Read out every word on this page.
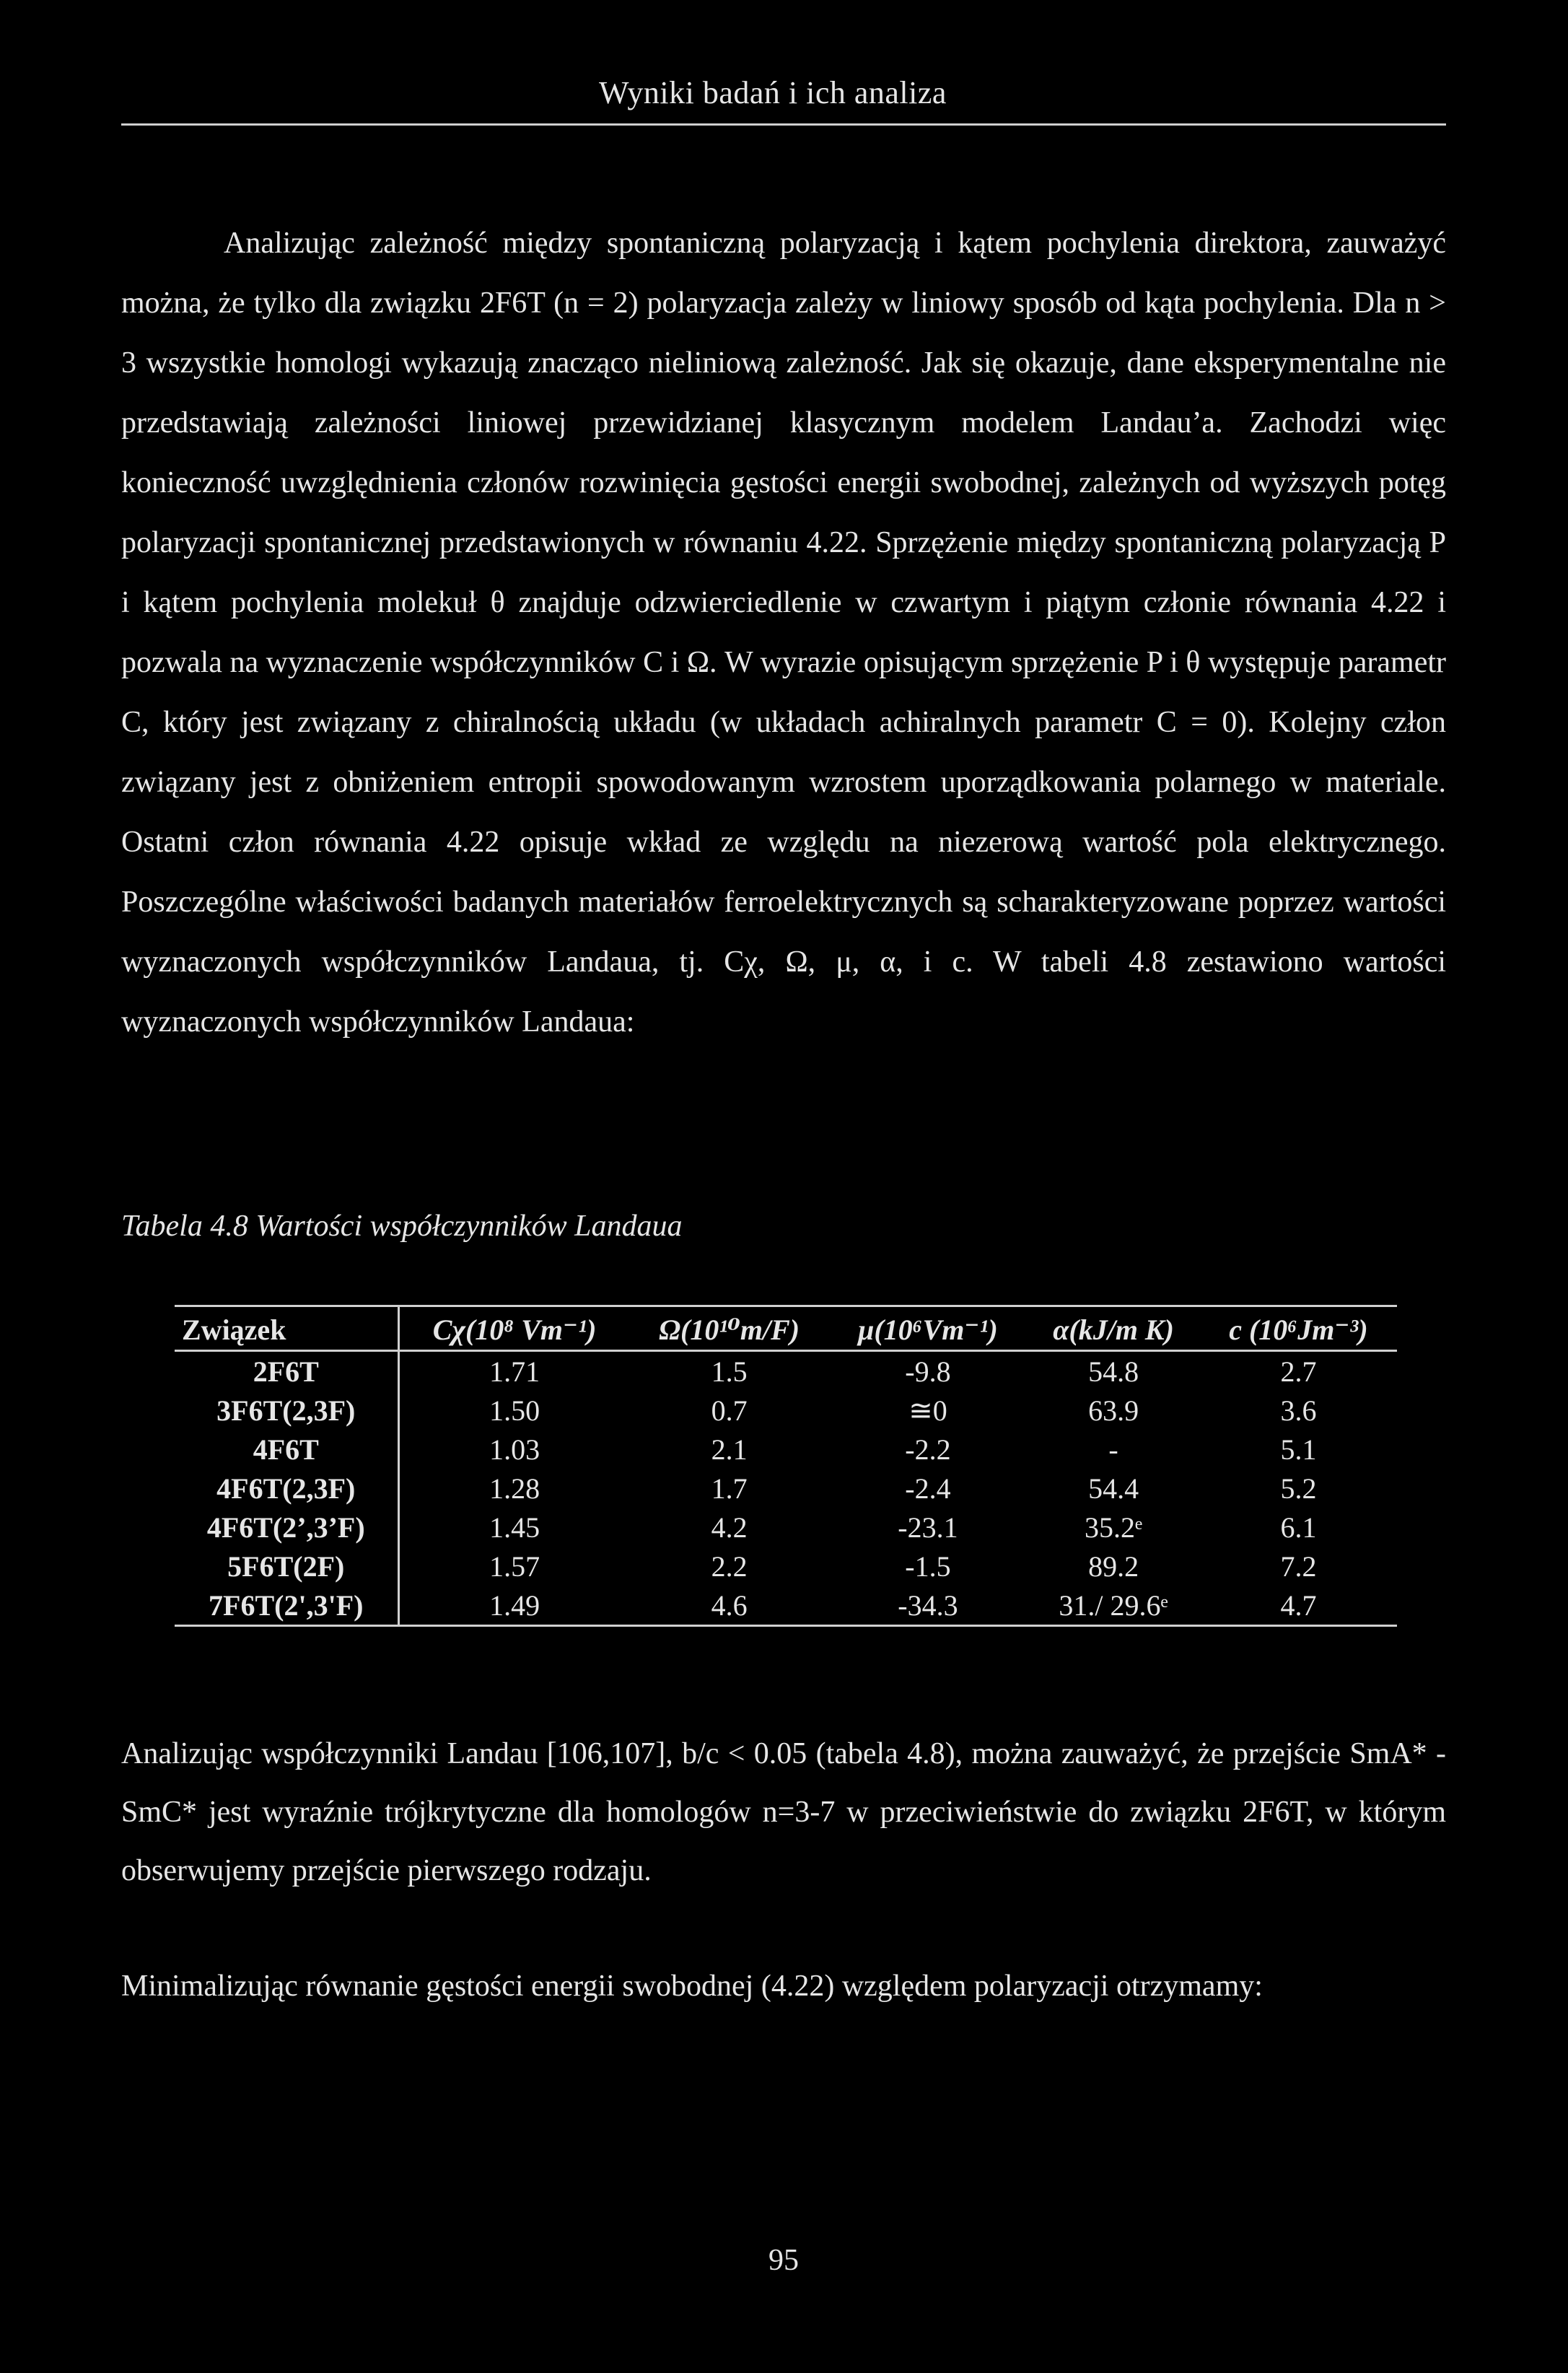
Wyniki badań i ich analiza

Analizując zależność między spontaniczną polaryzacją i kątem pochylenia direktora, zauważyć można, że tylko dla związku 2F6T (n = 2) polaryzacja zależy w liniowy sposób od kąta pochylenia. Dla n > 3 wszystkie homologi wykazują znacząco nieliniową zależność. Jak się okazuje, dane eksperymentalne nie przedstawiają zależności liniowej przewidzianej klasycznym modelem Landau’a. Zachodzi więc konieczność uwzględnienia członów rozwinięcia gęstości energii swobodnej, zależnych od wyższych potęg polaryzacji spontanicznej przedstawionych w równaniu 4.22. Sprzężenie między spontaniczną polaryzacją P i kątem pochylenia molekuł θ znajduje odzwierciedlenie w czwartym i piątym członie równania 4.22 i pozwala na wyznaczenie współczynników C i Ω. W wyrazie opisującym sprzężenie P i θ występuje parametr C, który jest związany z chiralnością układu (w układach achiralnych parametr C = 0). Kolejny człon związany jest z obniżeniem entropii spowodowanym wzrostem uporządkowania polarnego w materiale. Ostatni człon równania 4.22 opisuje wkład ze względu na niezerową wartość pola elektrycznego. Poszczególne właściwości badanych materiałów ferroelektrycznych są scharakteryzowane poprzez wartości wyznaczonych współczynników Landaua, tj. Cχ, Ω, μ, α, i c. W tabeli 4.8 zestawiono wartości wyznaczonych współczynników Landaua:

Tabela 4.8 Wartości współczynników Landaua
Związek	Cχ(10⁸ Vm⁻¹)	Ω(10¹⁰m/F)	μ(10⁶Vm⁻¹)	α(kJ/m K)	c (10⁶Jm⁻³)
2F6T	1.71	1.5	-9.8	54.8	2.7
3F6T(2,3F)	1.50	0.7	≅0	63.9	3.6
4F6T	1.03	2.1	-2.2	-	5.1
4F6T(2,3F)	1.28	1.7	-2.4	54.4	5.2
4F6T(2’,3’F)	1.45	4.2	-23.1	35.2ᵉ	6.1
5F6T(2F)	1.57	2.2	-1.5	89.2	7.2
7F6T(2',3'F)	1.49	4.6	-34.3	31./ 29.6ᵉ	4.7

Analizując współczynniki Landau [106,107], b/c < 0.05 (tabela 4.8), można zauważyć, że przejście SmA* - SmC* jest wyraźnie trójkrytyczne dla homologów n=3-7 w przeciwieństwie do związku 2F6T, w którym obserwujemy przejście pierwszego rodzaju.

Minimalizując równanie gęstości energii swobodnej (4.22) względem polaryzacji otrzymamy:

95
